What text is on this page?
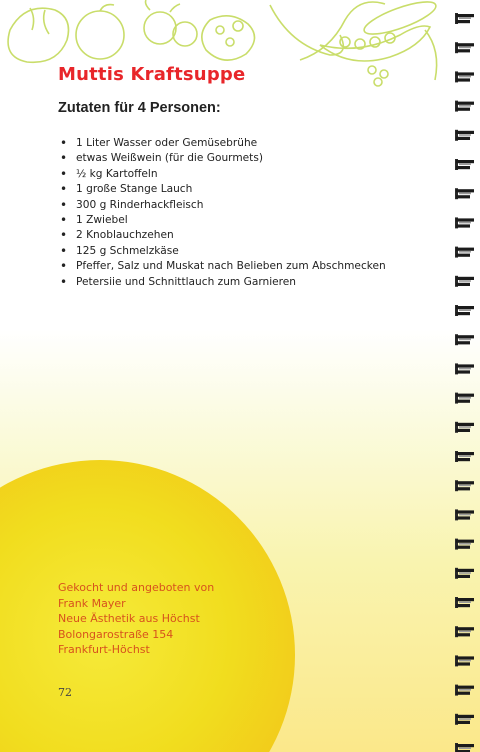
Muttis Kraftsuppe
Zutaten für 4 Personen:
• 1 Liter Wasser oder Gemüsebrühe
• etwas Weißwein (für die Gourmets)
• ½ kg Kartoffeln
• 1 große Stange Lauch
• 300 g Rinderhackfleisch
• 1 Zwiebel
• 2 Knoblauchzehen
• 125 g Schmelzkäse
• Pfeffer, Salz und Muskat nach Belieben zum Abschmecken
• Petersiie und Schnittlauch zum Garnieren
Gekocht und angeboten von
Frank Mayer
Neue Ästhetik aus Höchst
Bolongarostraße 154
Frankfurt-Höchst
72
